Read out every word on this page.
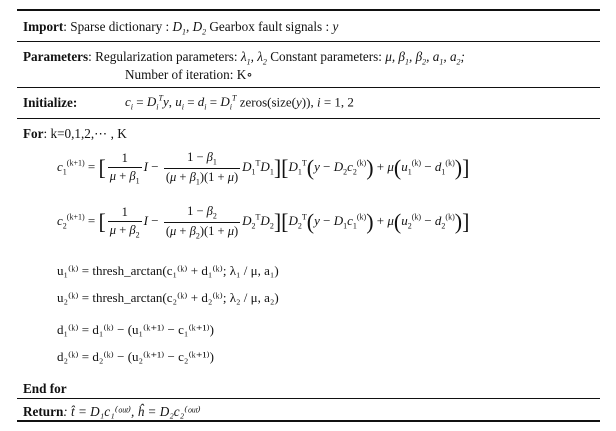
Import: Sparse dictionary : $D_1$, $D_2$ Gearbox fault signals : y
Parameters: Regularization parameters: $\lambda_1$, $\lambda_2$ Constant parameters: μ, $\beta_1$, $\beta_2$, $a_1$, $a_2$;
Number of iteration: K∘
Initialize:	$c_i = D_i^Ty$, $u_i = d_i = D_i^T$ zeros(size(y)), i = 1, 2
For: k=0,1,2,⋯ , K
$c_1^{(k+1)}$ = [ $\frac{1}{\mu + \beta_1}$ $I - \frac{1 - \beta_1}{(\mu + \beta_1)(1 + \mu)} D_1^TD_1][D_1^T(y - D_2c_2^{(k)}) + \mu(u_1^{(k)} - d_1^{(k)})]$
$c_2^{(k+1)}$ = [ $\frac{1}{\mu + \beta_2}$ $I - \frac{1 - \beta_2}{(\mu + \beta_2)(1 + \mu)} D_2^TD_2][D_2^T(y - D_1c_1^{(k)}) + \mu(u_2^{(k)} - d_2^{(k)})]$
u₁⁽ᵏ⁾ = thresh_arctan(c₁⁽ᵏ⁾ + d₁⁽ᵏ⁾; λ₁ / μ, a₁)
u₂⁽ᵏ⁾ = thresh_arctan(c₂⁽ᵏ⁾ + d₂⁽ᵏ⁾; λ₂ / μ, a₂)
d₁⁽ᵏ⁾ = d₁⁽ᵏ⁾ − (u₁⁽ᵏ⁺¹⁾ − c₁⁽ᵏ⁺¹⁾)
d₂⁽ᵏ⁾ = d₂⁽ᵏ⁾ − (u₂⁽ᵏ⁺¹⁾ − c₂⁽ᵏ⁺¹⁾)
End for
Return: t̂ = D₁c₁⁽ᵒᵘᵗ⁾, ĥ = D₂c₂⁽ᵒᵘᵗ⁾
